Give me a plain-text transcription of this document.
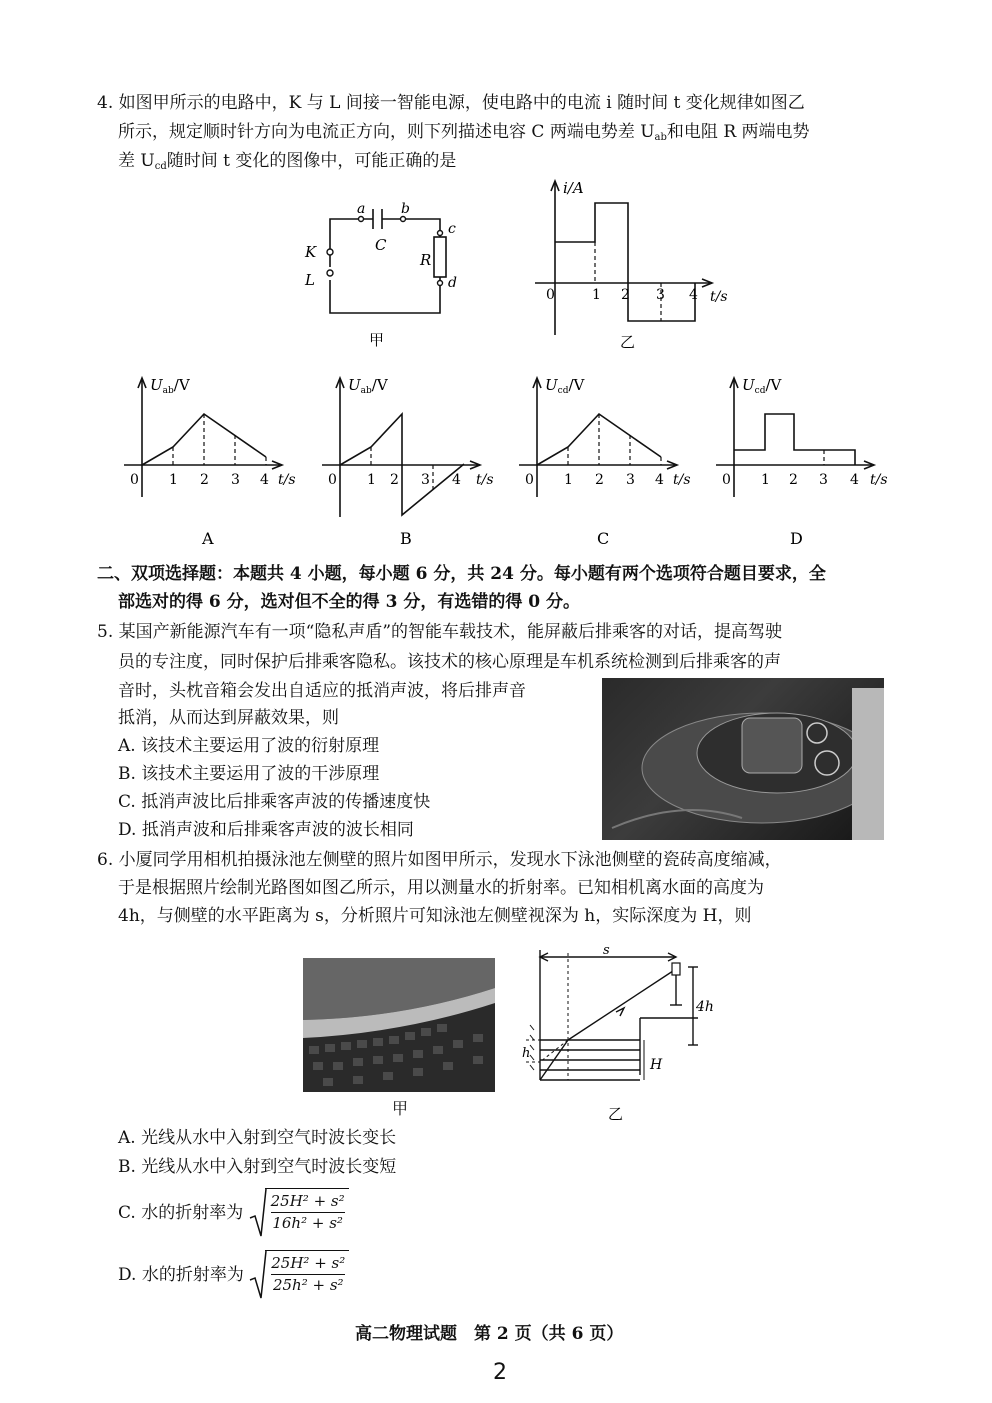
4. 如图甲所示的电路中，K 与 L 间接一智能电源，使电路中的电流 i 随时间 t 变化规律如图乙
所示，规定顺时针方向为电流正方向，则下列描述电容 C 两端电势差 $U_{ab}$和电阻 R 两端电势
差 $U_{cd}$随时间 t 变化的图像中，可能正确的是
a	b
c
d
C
R
K
L
甲
i/A
t/s
0	1 2 3 4
乙
$U_{ab}/V$
t/s
0 1 2 3 4
A
$U_{ab}/V$
t/s
0 1 2 3 4
B
$U_{cd}/V$
t/s
0 1 2 3 4
C
$U_{cd}/V$
t/s
0 1 2 3 4
D
二、双项选择题：本题共 4 小题，每小题 6 分，共 24 分。每小题有两个选项符合题目要求，全
部选对的得 6 分，选对但不全的得 3 分，有选错的得 0 分。
5. 某国产新能源汽车有一项“隐私声盾”的智能车载技术，能屏蔽后排乘客的对话，提高驾驶
员的专注度，同时保护后排乘客隐私。该技术的核心原理是车机系统检测到后排乘客的声
音时，头枕音箱会发出自适应的抵消声波，将后排声音
抵消，从而达到屏蔽效果，则
A. 该技术主要运用了波的衍射原理
B. 该技术主要运用了波的干涉原理
C. 抵消声波比后排乘客声波的传播速度快
D. 抵消声波和后排乘客声波的波长相同
6. 小厦同学用相机拍摄泳池左侧壁的照片如图甲所示，发现水下泳池侧壁的瓷砖高度缩减，
于是根据照片绘制光路图如图乙所示，用以测量水的折射率。已知相机离水面的高度为
4h，与侧壁的水平距离为 s，分析照片可知泳池左侧壁视深为 h，实际深度为 H，则
甲
s
4h
h
H
乙
A. 光线从水中入射到空气时波长变长
B. 光线从水中入射到空气时波长变短
C. 水的折射率为 $\frac{\text{25H² + s²}}{\text{16h² + s²}}$
D. 水的折射率为 $\frac{\text{25H² + s²}}{\text{25h² + s²}}$
高二物理试题　第 2 页（共 6 页）
2
